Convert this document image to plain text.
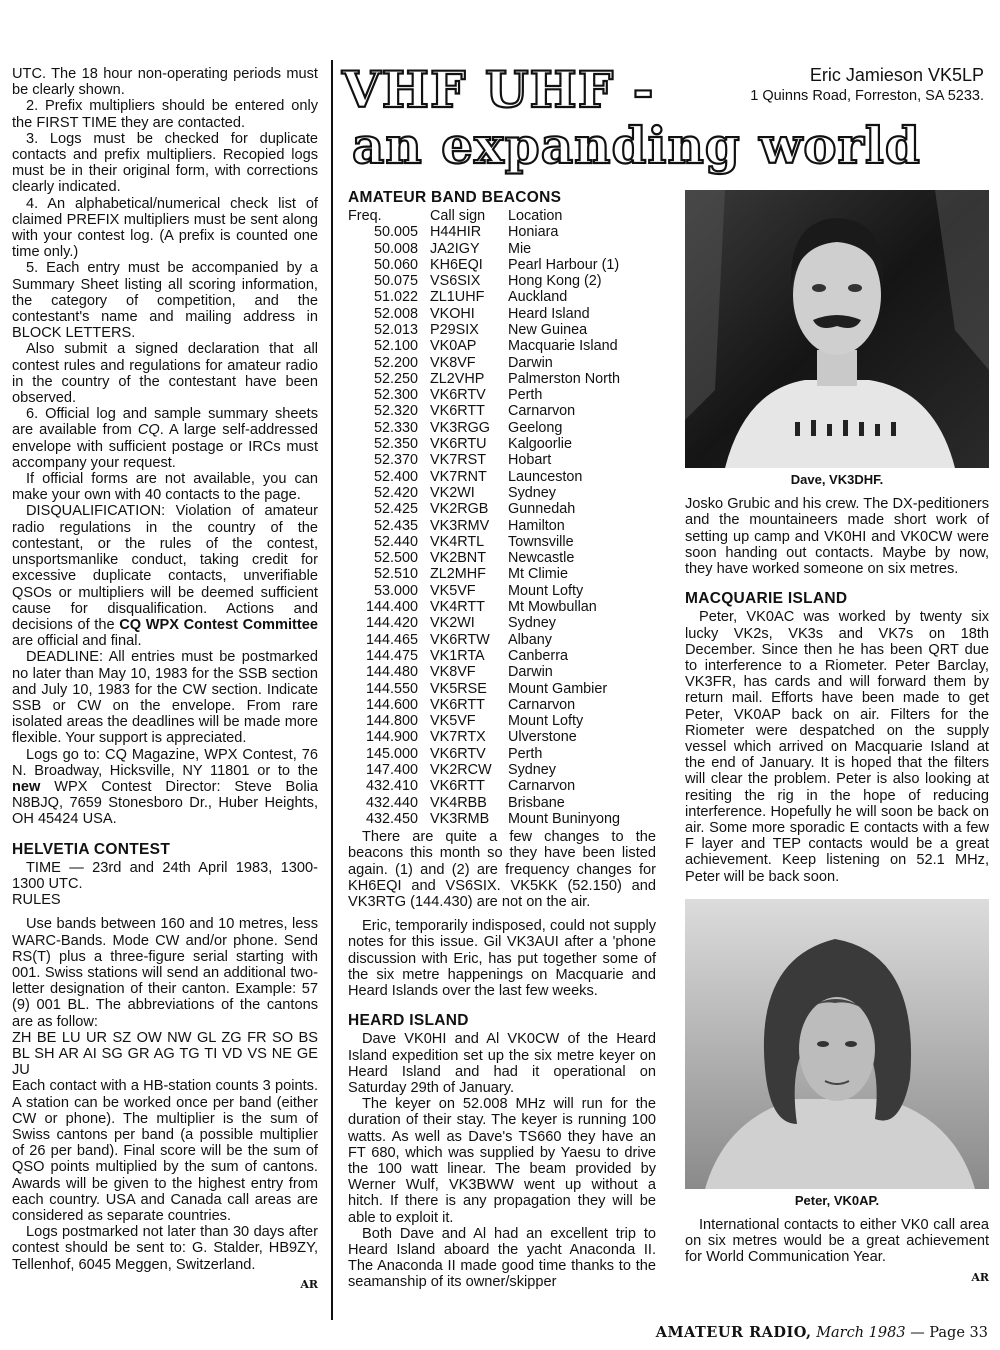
VHF UHF -
an expanding world
Eric Jamieson VK5LP
1 Quinns Road, Forreston, SA 5233.

UTC. The 18 hour non-operating periods must be clearly shown.

2. Prefix multipliers should be entered only the FIRST TIME they are contacted.

3. Logs must be checked for duplicate contacts and prefix multipliers. Recopied logs must be in their original form, with corrections clearly indicated.

4. An alphabetical/numerical check list of claimed PREFIX multipliers must be sent along with your contest log. (A prefix is counted one time only.)

5. Each entry must be accompanied by a Summary Sheet listing all scoring information, the category of competition, and the contestant's name and mailing address in BLOCK LETTERS.

Also submit a signed declaration that all contest rules and regulations for amateur radio in the country of the contestant have been observed.

6. Official log and sample summary sheets are available from CQ. A large self-addressed envelope with sufficient postage or IRCs must accompany your request.

If official forms are not available, you can make your own with 40 contacts to the page.

DISQUALIFICATION: Violation of amateur radio regulations in the country of the contestant, or the rules of the contest, unsportsmanlike conduct, taking credit for excessive duplicate contacts, unverifiable QSOs or multipliers will be deemed sufficient cause for disqualification. Actions and decisions of the CQ WPX Contest Committee are official and final.

DEADLINE: All entries must be postmarked no later than May 10, 1983 for the SSB section and July 10, 1983 for the CW section. Indicate SSB or CW on the envelope. From rare isolated areas the deadlines will be made more flexible. Your support is appreciated.

Logs go to: CQ Magazine, WPX Contest, 76 N. Broadway, Hicksville, NY 11801 or to the new WPX Contest Director: Steve Bolia N8BJQ, 7659 Stonesboro Dr., Huber Heights, OH 45424 USA.

HELVETIA CONTEST

TIME — 23rd and 24th April 1983, 1300-1300 UTC.

RULES

Use bands between 160 and 10 metres, less WARC-Bands. Mode CW and/or phone. Send RS(T) plus a three-figure serial starting with 001. Swiss stations will send an additional two-letter designation of their canton. Example: 57 (9) 001 BL. The abbreviations of the cantons are as follow:

ZH BE LU UR SZ OW NW GL ZG FR SO BS BL SH AR AI SG GR AG TG TI VD VS NE GE JU

Each contact with a HB-station counts 3 points. A station can be worked once per band (either CW or phone). The multiplier is the sum of Swiss cantons per band (a possible multiplier of 26 per band). Final score will be the sum of QSO points multiplied by the sum of cantons. Awards will be given to the highest entry from each country. USA and Canada call areas are considered as separate countries.

Logs postmarked not later than 30 days after contest should be sent to: G. Stalder, HB9ZY, Tellenhof, 6045 Meggen, Switzerland.

AR
AMATEUR BAND BEACONS
Freq.	Call sign	Location
50.005	H44HIR	Honiara
50.008	JA2IGY	Mie
50.060	KH6EQI	Pearl Harbour (1)
50.075	VS6SIX	Hong Kong (2)
51.022	ZL1UHF	Auckland
52.008	VKOHI	Heard Island
52.013	P29SIX	New Guinea
52.100	VK0AP	Macquarie Island
52.200	VK8VF	Darwin
52.250	ZL2VHP	Palmerston North
52.300	VK6RTV	Perth
52.320	VK6RTT	Carnarvon
52.330	VK3RGG	Geelong
52.350	VK6RTU	Kalgoorlie
52.370	VK7RST	Hobart
52.400	VK7RNT	Launceston
52.420	VK2WI	Sydney
52.425	VK2RGB	Gunnedah
52.435	VK3RMV	Hamilton
52.440	VK4RTL	Townsville
52.500	VK2BNT	Newcastle
52.510	ZL2MHF	Mt Climie
53.000	VK5VF	Mount Lofty
144.400	VK4RTT	Mt Mowbullan
144.420	VK2WI	Sydney
144.465	VK6RTW	Albany
144.475	VK1RTA	Canberra
144.480	VK8VF	Darwin
144.550	VK5RSE	Mount Gambier
144.600	VK6RTT	Carnarvon
144.800	VK5VF	Mount Lofty
144.900	VK7RTX	Ulverstone
145.000	VK6RTV	Perth
147.400	VK2RCW	Sydney
432.410	VK6RTT	Carnarvon
432.440	VK4RBB	Brisbane
432.450	VK3RMB	Mount Buninyong

There are quite a few changes to the beacons this month so they have been listed again. (1) and (2) are frequency changes for KH6EQI and VS6SIX. VK5KK (52.150) and VK3RTG (144.430) are not on the air.

Eric, temporarily indisposed, could not supply notes for this issue. Gil VK3AUI after a 'phone discussion with Eric, has put together some of the six metre happenings on Macquarie and Heard Islands over the last few weeks.

HEARD ISLAND

Dave VK0HI and Al VK0CW of the Heard Island expedition set up the six metre keyer on Heard Island and had it operational on Saturday 29th of January.

The keyer on 52.008 MHz will run for the duration of their stay. The keyer is running 100 watts. As well as Dave's TS660 they have an FT 680, which was supplied by Yaesu to drive the 100 watt linear. The beam provided by Werner Wulf, VK3BWW went up without a hitch. If there is any propagation they will be able to exploit it.

Both Dave and Al had an excellent trip to Heard Island aboard the yacht Anaconda II. The Anaconda II made good time thanks to the seamanship of its owner/skipper

Dave, VK3DHF.

Josko Grubic and his crew. The DX-peditioners and the mountaineers made short work of setting up camp and VK0HI and VK0CW were soon handing out contacts. Maybe by now, they have worked someone on six metres.

MACQUARIE ISLAND

Peter, VK0AC was worked by twenty six lucky VK2s, VK3s and VK7s on 18th December. Since then he has been QRT due to interference to a Riometer. Peter Barclay, VK3FR, has cards and will forward them by return mail. Efforts have been made to get Peter, VK0AP back on air. Filters for the Riometer were despatched on the supply vessel which arrived on Macquarie Island at the end of January. It is hoped that the filters will clear the problem. Peter is also looking at resiting the rig in the hope of reducing interference. Hopefully he will soon be back on air. Some more sporadic E contacts with a few F layer and TEP contacts would be a great achievement. Keep listening on 52.1 MHz, Peter will be back soon.

Peter, VK0AP.

International contacts to either VK0 call area on six metres would be a great achievement for World Communication Year.

AR
AMATEUR RADIO, March 1983 — Page 33
